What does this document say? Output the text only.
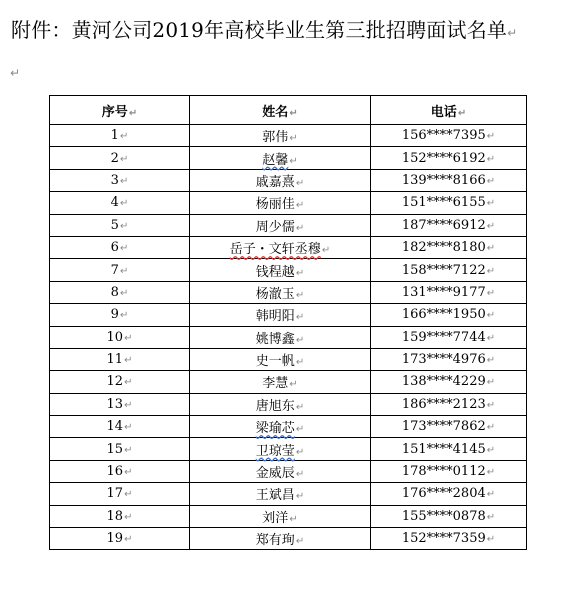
附件：黄河公司2019年高校毕业生第三批招聘面试名单↵
↵
序号↵	姓名↵	电话↵
1↵	郭伟↵	156****7395↵
2↵	赵馨↵	152****6192↵
3↵	戚嘉熹↵	139****8166↵
4↵	杨丽佳↵	151****6155↵
5↵	周少儒↵	187****6912↵
6↵	岳子・文轩丞穆↵	182****8180↵
7↵	钱程越↵	158****7122↵
8↵	杨澈玉↵	131****9177↵
9↵	韩明阳↵	166****1950↵
10↵	姚博鑫↵	159****7744↵
11↵	史一帆↵	173****4976↵
12↵	李慧↵	138****4229↵
13↵	唐旭东↵	186****2123↵
14↵	梁瑜芯↵	173****7862↵
15↵	卫琼莹↵	151****4145↵
16↵	金威辰↵	178****0112↵
17↵	王斌昌↵	176****2804↵
18↵	刘洋↵	155****0878↵
19↵	郑有珣↵	152****7359↵
